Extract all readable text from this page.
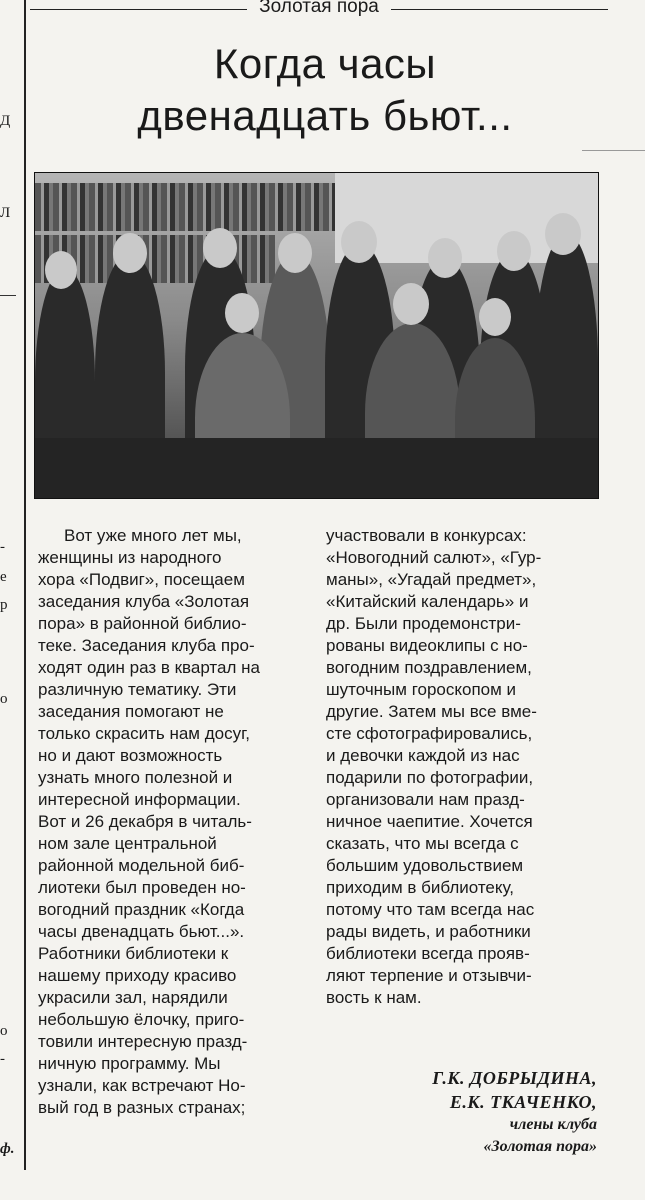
Д
Л
-
е
р
о
о
-
ф.
Золотая пора
Когда часы
двенадцать бьют...

Вот уже много лет мы,

женщины из народного

хора «Подвиг», посещаем

заседания клуба «Золотая

пора» в районной библио-

теке. Заседания клуба про-

ходят один раз в квартал на

различную тематику. Эти

заседания помогают не

только скрасить нам досуг,

но и дают возможность

узнать много полезной и

интересной информации.

Вот и 26 декабря в читаль-

ном зале центральной

районной модельной биб-

лиотеки был проведен но-

вогодний праздник «Когда

часы двенадцать бьют...».

Работники библиотеки к

нашему приходу красиво

украсили зал, нарядили

небольшую ёлочку, приго-

товили интересную празд-

ничную программу. Мы

узнали, как встречают Но-

вый год в разных странах;

участвовали в конкурсах:

«Новогодний салют», «Гур-

маны», «Угадай предмет»,

«Китайский календарь» и

др. Были продемонстри-

рованы видеоклипы с но-

вогодним поздравлением,

шуточным гороскопом и

другие. Затем мы все вме-

сте сфотографировались,

и девочки каждой из нас

подарили по фотографии,

организовали нам празд-

ничное чаепитие. Хочется

сказать, что мы всегда с

большим удовольствием

приходим в библиотеку,

потому что там всегда нас

рады видеть, и работники

библиотеки всегда прояв-

ляют терпение и отзывчи-

вость к нам.

Г.К. ДОБРЫДИНА,
Е.К. ТКАЧЕНКО,
члены клуба
«Золотая пора»
